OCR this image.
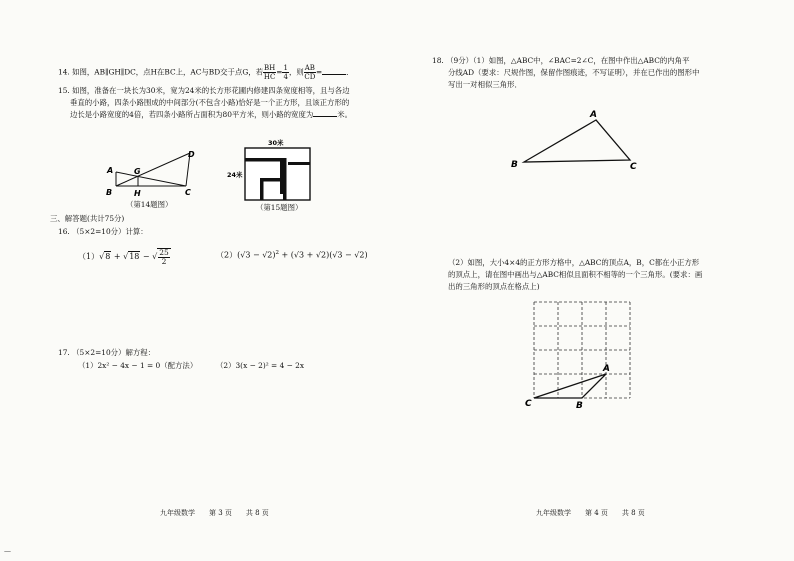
14. 如图，AB∥GH∥DC，点H在BC上，AC与BD交于点G，若 $\frac{BH}{HC} = \frac{1}{4}$ ，则 $\frac{AB}{CD}$ =	．
15. 如图，准备在一块长为30米，宽为24米的长方形花圃内修建四条宽度相等，且与各边
垂直的小路，四条小路围成的中间部分(不包含小路)恰好是一个正方形，且该正方形的
边长是小路宽度的4倍，若四条小路所占面积为80平方米，则小路的宽度为	米。
A	G
D
B	H	C
（第14题图）
30米
24米
（第15题图）
三、解答题(共计75分)
16. （5×2=10分）计算：
（1）√8 + √18 − √ $\frac{25}{2}$	$(2)(√3 - √2)^2 + (√3 + √2)(√3 - √2)$
17. （5×2=10分）解方程：
（1）2x² − 4x − 1 = 0（配方法）	（2）3(x − 2)² = 4 − 2x
九年级数学　　第 3 页　　共 8 页
18. （9分）（1）如图，△ABC中，∠BAC=2∠C，在图中作出△ABC的内角平
分线AD（要求：尺规作图，保留作图痕迹，不写证明），并在已作出的图形中
写出一对相似三角形．
A
B	C
（2）如图，大小4×4的正方形方格中，△ABC的顶点A，B，C都在小正方形
的顶点上，请在图中画出与△ABC相似且面积不相等的一个三角形。(要求：画
出的三角形的顶点在格点上)
A
C	B
九年级数学　　第 4 页　　共 8 页
—
